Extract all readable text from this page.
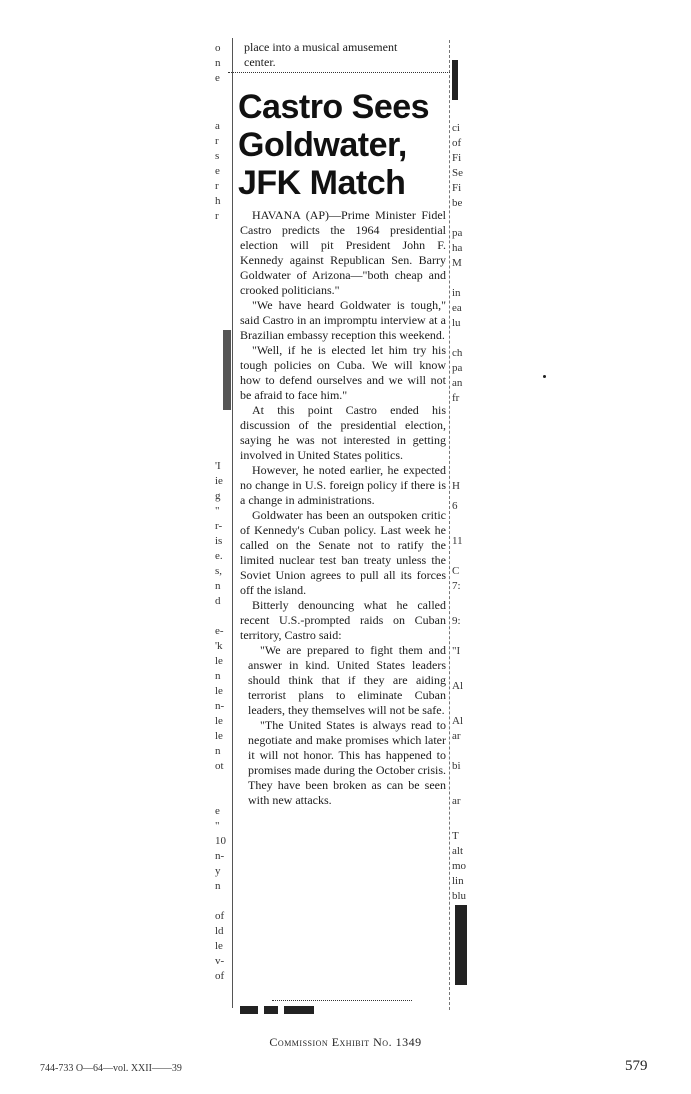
o
n
e
a
r
s
e
r
h
r
'I
ie
g
"
r-
is
e.
s,
n
d
e-
'k
le
n
le
n-
le
le
n
ot
e
"
10
n-
y
n
of
ld
le
v-
of
ci
of
Fi
Se
Fi
be
pa
ha
M
in
ea
lu
ch
pa
an
fr
H
6
11
C
7:
9:
"I
Al
Al
ar
bi
ar
T
alt
mo
lin
blu
place into a musical amusement
center.
Castro Sees
Goldwater,
JFK Match

HAVANA (AP)—Prime Minister Fidel Castro predicts the 1964 presidential election will pit President John F. Kennedy against Republican Sen. Barry Goldwater of Arizona—"both cheap and crooked politicians."

"We have heard Goldwater is tough," said Castro in an impromptu interview at a Brazilian embassy reception this weekend.

"Well, if he is elected let him try his tough policies on Cuba. We will know how to defend ourselves and we will not be afraid to face him."

At this point Castro ended his discussion of the presidential election, saying he was not interested in getting involved in United States politics.

However, he noted earlier, he expected no change in U.S. foreign policy if there is a change in administrations.

Goldwater has been an outspoken critic of Kennedy's Cuban policy. Last week he called on the Senate not to ratify the limited nuclear test ban treaty unless the Soviet Union agrees to pull all its forces off the island.

Bitterly denouncing what he called recent U.S.-prompted raids on Cuban territory, Castro said:

"We are prepared to fight them and answer in kind. United States leaders should think that if they are aiding terrorist plans to eliminate Cuban leaders, they themselves will not be safe.

"The United States is always read to negotiate and make promises which later it will not honor. This has happened to promises made during the October crisis. They have been broken as can be seen with new attacks.

Commission Exhibit No. 1349
744-733 O—64—vol. XXII——39	579
